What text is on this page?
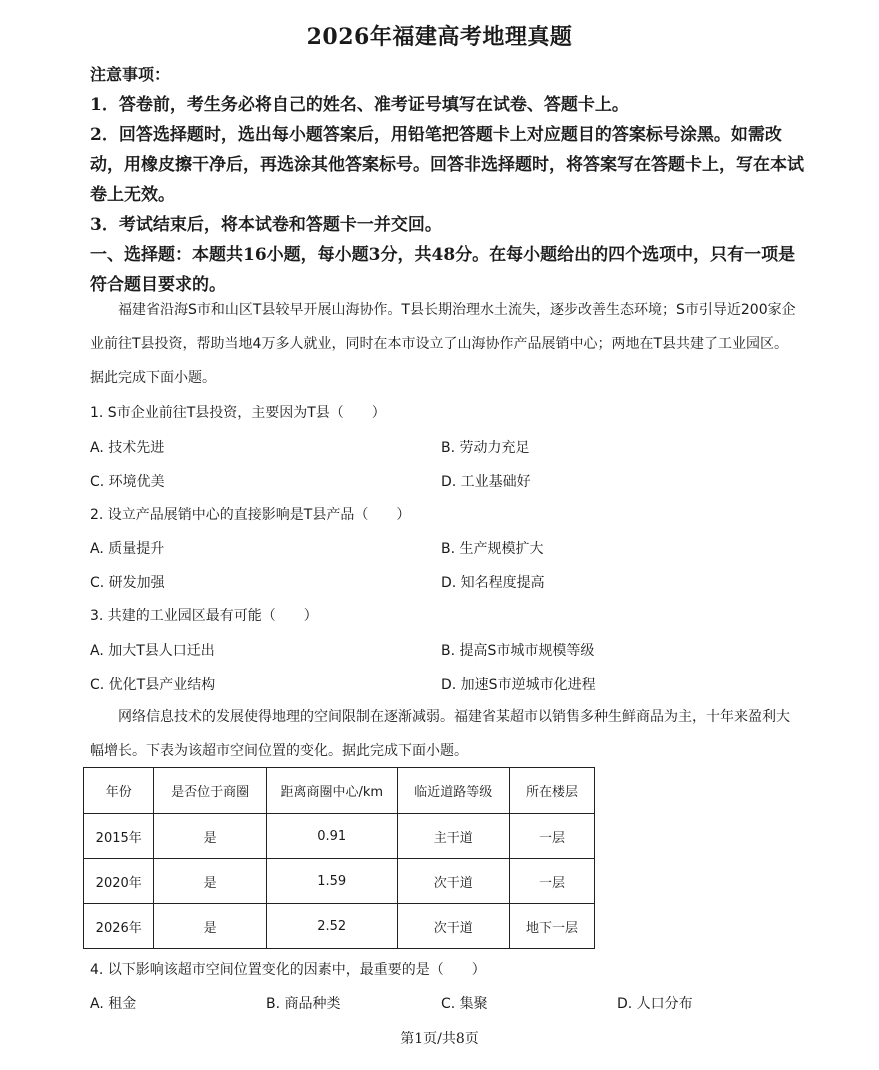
2026年福建高考地理真题

注意事项：

1．答卷前，考生务必将自己的姓名、准考证号填写在试卷、答题卡上。

2．回答选择题时，选出每小题答案后，用铅笔把答题卡上对应题目的答案标号涂黑。如需改动，用橡皮擦干净后，再选涂其他答案标号。回答非选择题时，将答案写在答题卡上，写在本试卷上无效。

3．考试结束后，将本试卷和答题卡一并交回。

一、选择题：本题共16小题，每小题3分，共48分。在每小题给出的四个选项中，只有一项是符合题目要求的。

福建省沿海S市和山区T县较早开展山海协作。T县长期治理水土流失，逐步改善生态环境；S市引导近200家企业前往T县投资，帮助当地4万多人就业，同时在本市设立了山海协作产品展销中心；两地在T县共建了工业园区。据此完成下面小题。

1. S市企业前往T县投资，主要因为T县（　　）
A. 技术先进	B. 劳动力充足
C. 环境优美	D. 工业基础好
2. 设立产品展销中心的直接影响是T县产品（　　）
A. 质量提升	B. 生产规模扩大
C. 研发加强	D. 知名程度提高
3. 共建的工业园区最有可能（　　）
A. 加大T县人口迁出	B. 提高S市城市规模等级
C. 优化T县产业结构	D. 加速S市逆城市化进程

网络信息技术的发展使得地理的空间限制在逐渐减弱。福建省某超市以销售多种生鲜商品为主，十年来盈利大幅增长。下表为该超市空间位置的变化。据此完成下面小题。

年份	是否位于商圈	距离商圈中心/km	临近道路等级	所在楼层
2015年	是	0.91	主干道	一层
2020年	是	1.59	次干道	一层
2026年	是	2.52	次干道	地下一层
4. 以下影响该超市空间位置变化的因素中，最重要的是（　　）
A. 租金	B. 商品种类	C. 集聚	D. 人口分布
第1页/共8页
